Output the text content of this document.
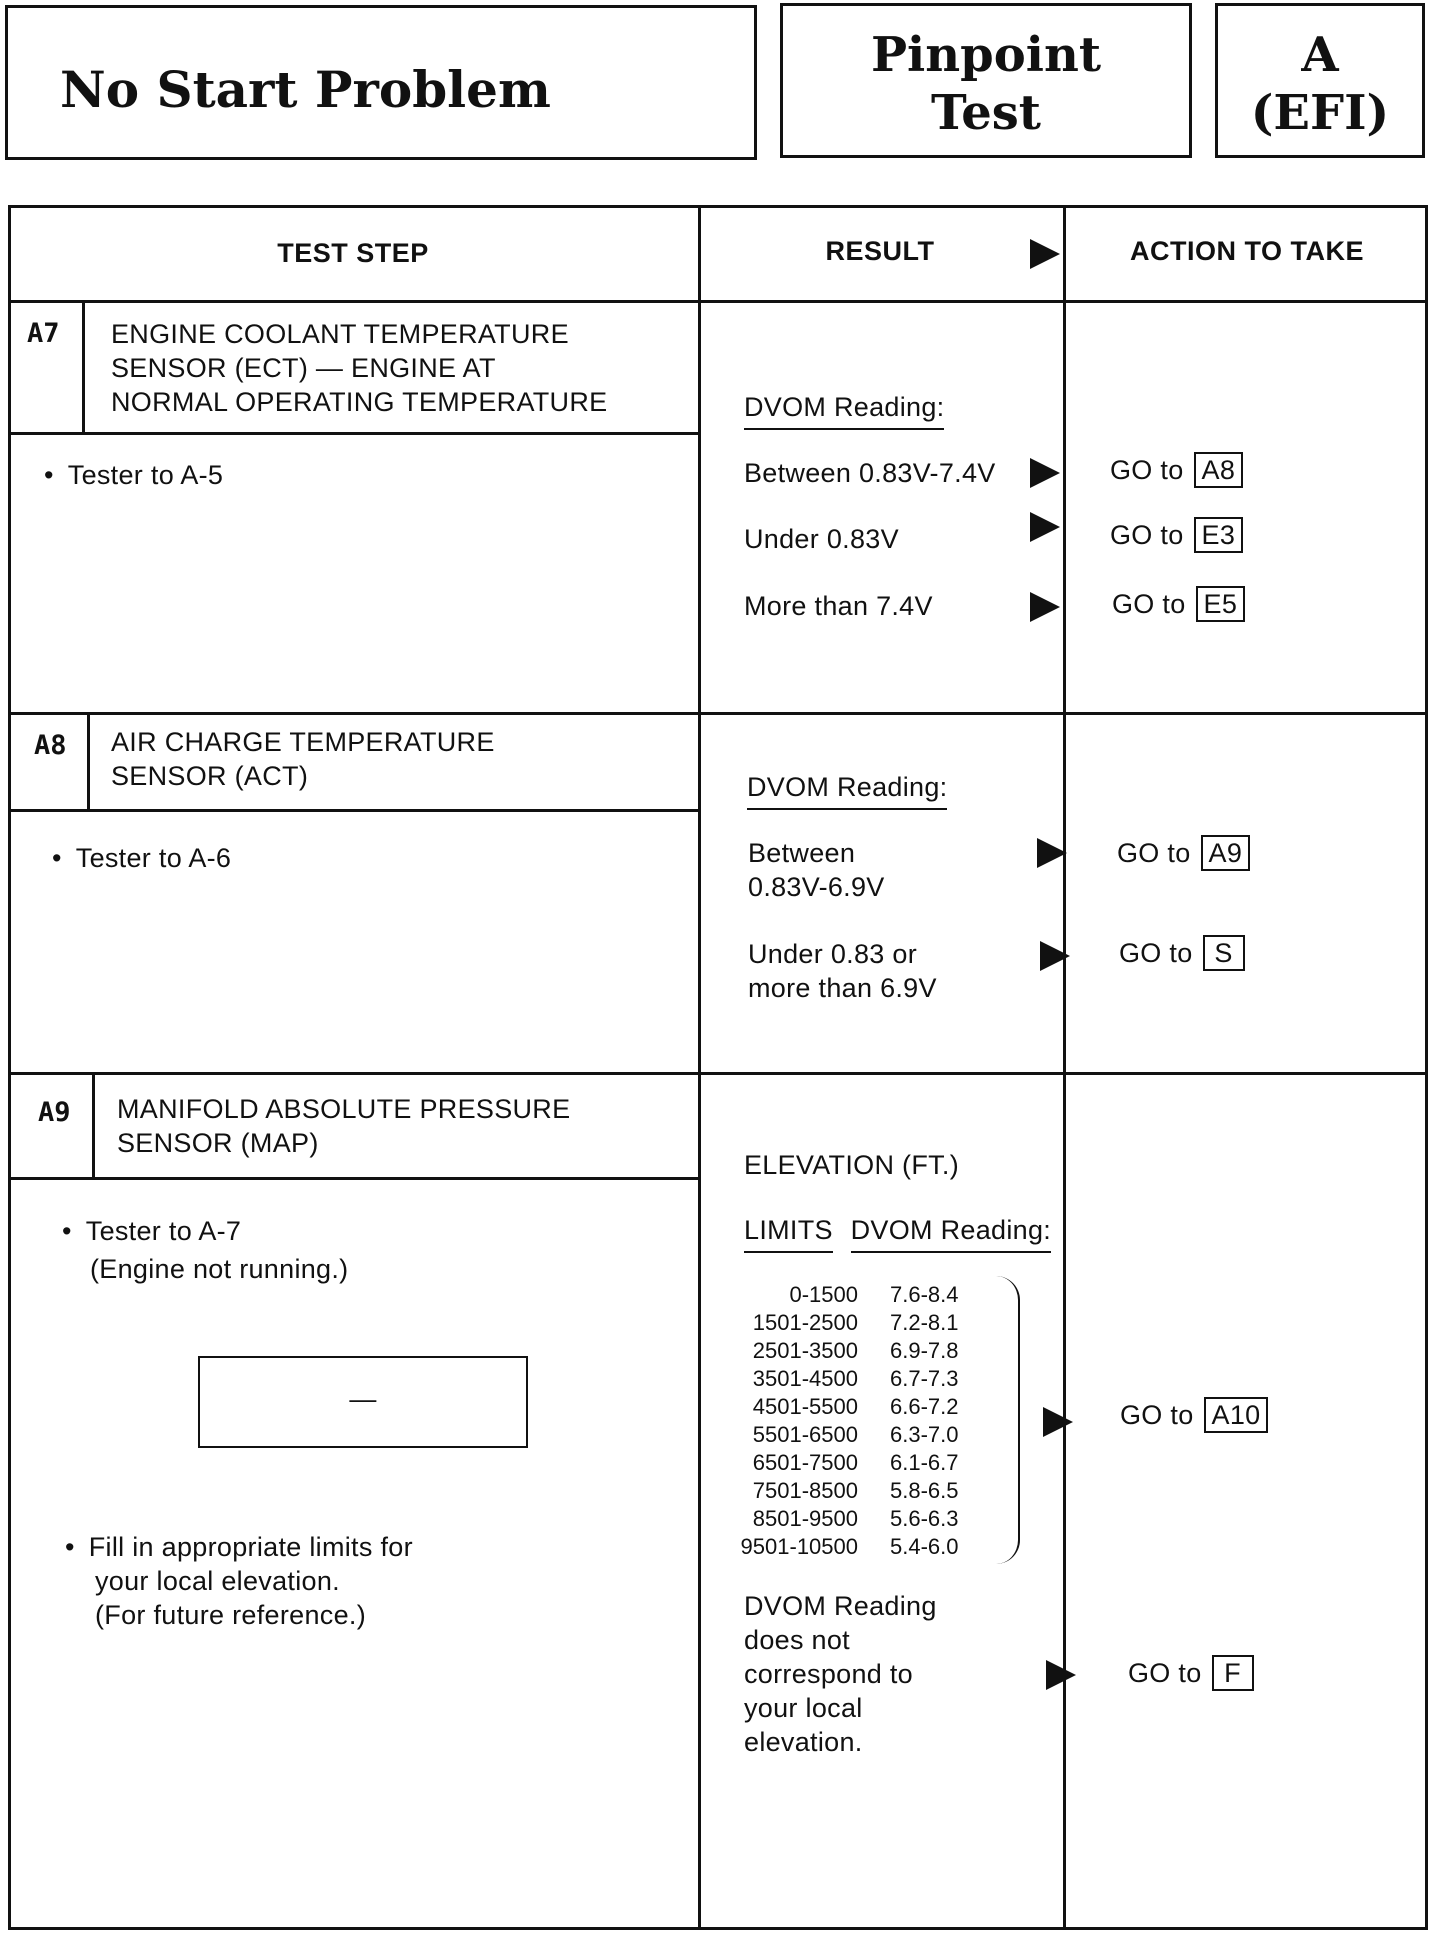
No Start Problem
Pinpoint
Test
A
(EFI)
TEST STEP	RESULT	ACTION TO TAKE
A7 ENGINE COOLANT TEMPERATURE
SENSOR (ECT) — ENGINE AT
NORMAL OPERATING TEMPERATURE
• Tester to A-5
DVOM Reading:
Between 0.83V-7.4V	GO to A8
Under 0.83V	GO to E3
More than 7.4V	GO to E5
A8 AIR CHARGE TEMPERATURE
SENSOR (ACT)
• Tester to A-6
DVOM Reading:
Between
0.83V-6.9V
GO to A9
Under 0.83 or
more than 6.9V
GO to S
A9 MANIFOLD ABSOLUTE PRESSURE
SENSOR (MAP)
• Tester to A-7
(Engine not running.)
—
• Fill in appropriate limits for
your local elevation.
(For future reference.)
ELEVATION (FT.)
LIMITS DVOM Reading:
0-1500 7.6-8.4
1501-2500 7.2-8.1
2501-3500 6.9-7.8
3501-4500 6.7-7.3
4501-5500 6.6-7.2
5501-6500 6.3-7.0
6501-7500 6.1-6.7
7501-8500 5.8-6.5
8501-9500 5.6-6.3
9501-10500 5.4-6.0
GO to A10
DVOM Reading
does not
correspond to
your local
elevation.
GO to F
